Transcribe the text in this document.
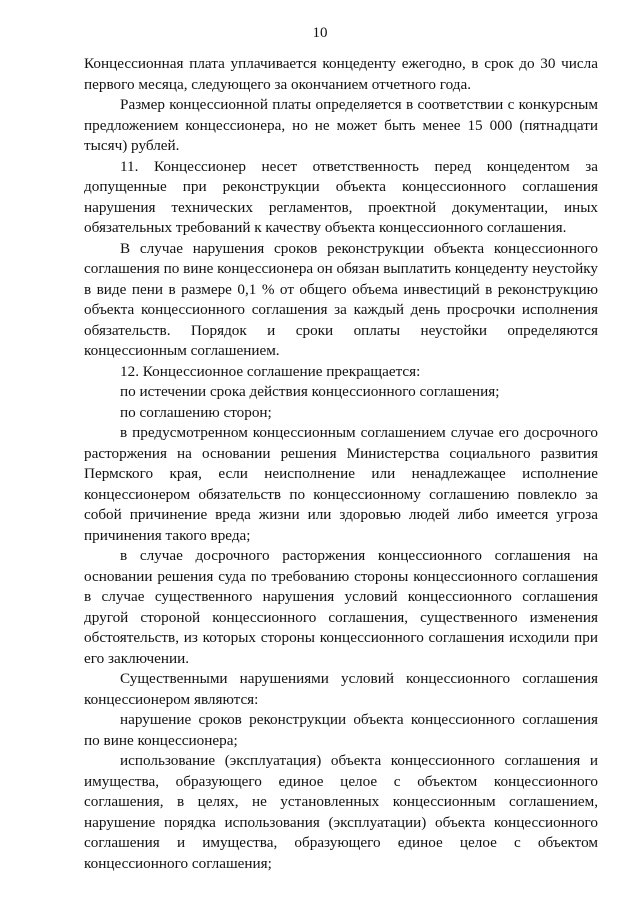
10

Концессионная плата уплачивается концеденту ежегодно, в срок до 30 числа первого месяца, следующего за окончанием отчетного года.

Размер концессионной платы определяется в соответствии с конкурсным предложением концессионера, но не может быть менее 15 000 (пятнадцати тысяч) рублей.

11. Концессионер несет ответственность перед концедентом за допущенные при реконструкции объекта концессионного соглашения нарушения технических регламентов, проектной документации, иных обязательных требований к качеству объекта концессионного соглашения.

В случае нарушения сроков реконструкции объекта концессионного соглашения по вине концессионера он обязан выплатить концеденту неустойку в виде пени в размере 0,1 % от общего объема инвестиций в реконструкцию объекта концессионного соглашения за каждый день просрочки исполнения обязательств. Порядок и сроки оплаты неустойки определяются концессионным соглашением.

12. Концессионное соглашение прекращается:

по истечении срока действия концессионного соглашения;

по соглашению сторон;

в предусмотренном концессионным соглашением случае его досрочного расторжения на основании решения Министерства социального развития Пермского края, если неисполнение или ненадлежащее исполнение концессионером обязательств по концессионному соглашению повлекло за собой причинение вреда жизни или здоровью людей либо имеется угроза причинения такого вреда;

в случае досрочного расторжения концессионного соглашения на основании решения суда по требованию стороны концессионного соглашения в случае существенного нарушения условий концессионного соглашения другой стороной концессионного соглашения, существенного изменения обстоятельств, из которых стороны концессионного соглашения исходили при его заключении.

Существенными нарушениями условий концессионного соглашения концессионером являются:

нарушение сроков реконструкции объекта концессионного соглашения по вине концессионера;

использование (эксплуатация) объекта концессионного соглашения и имущества, образующего единое целое с объектом концессионного соглашения, в целях, не установленных концессионным соглашением, нарушение порядка использования (эксплуатации) объекта концессионного соглашения и имущества, образующего единое целое с объектом концессионного соглашения;
